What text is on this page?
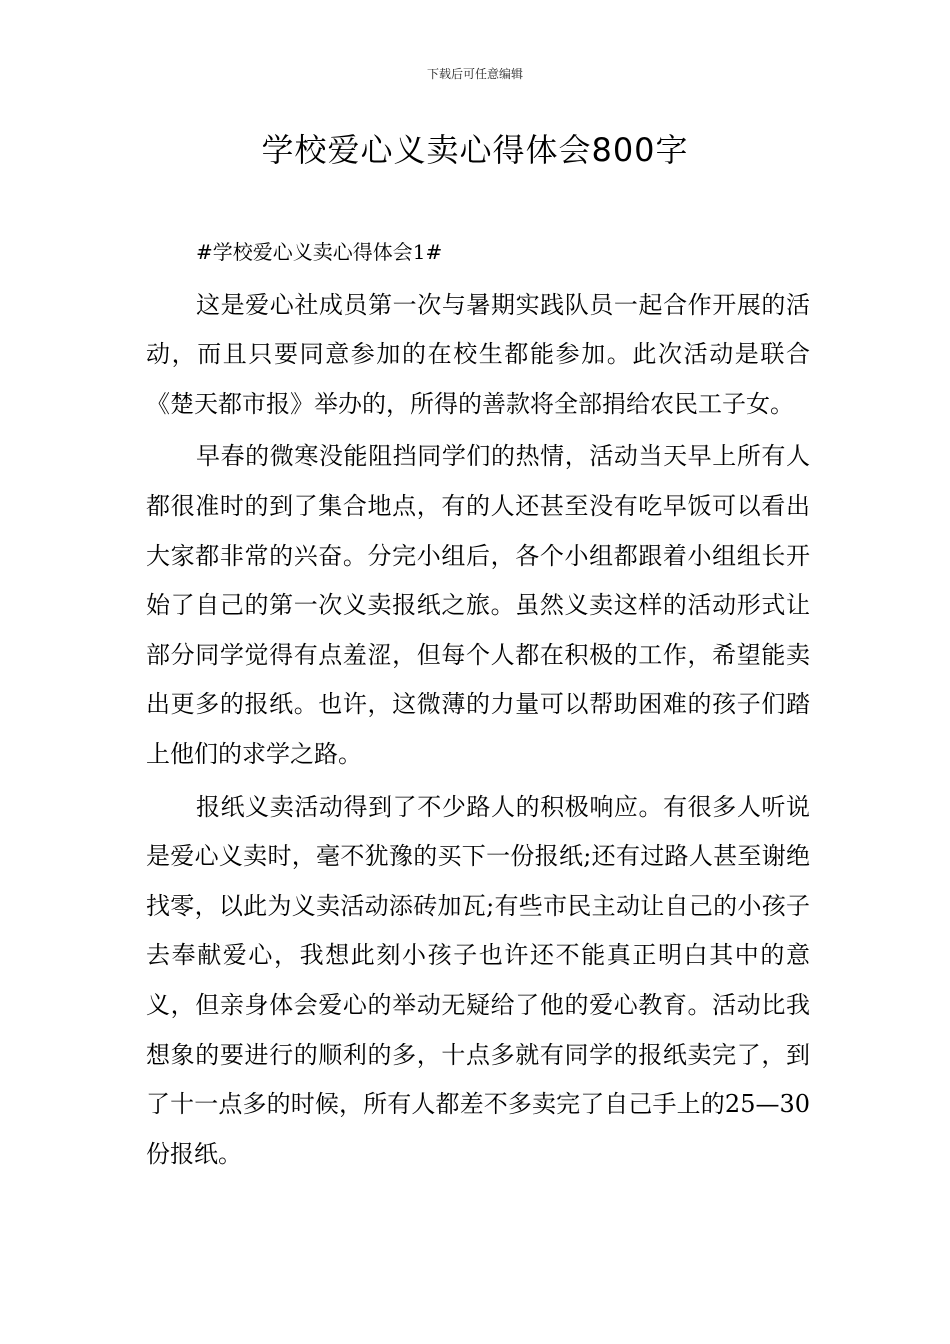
下载后可任意编辑
学校爱心义卖心得体会800字

#学校爱心义卖心得体会1#

这是爱心社成员第一次与暑期实践队员一起合作开展的活动，而且只要同意参加的在校生都能参加。此次活动是联合《楚天都市报》举办的，所得的善款将全部捐给农民工子女。

早春的微寒没能阻挡同学们的热情，活动当天早上所有人都很准时的到了集合地点，有的人还甚至没有吃早饭可以看出大家都非常的兴奋。分完小组后，各个小组都跟着小组组长开始了自己的第一次义卖报纸之旅。虽然义卖这样的活动形式让部分同学觉得有点羞涩，但每个人都在积极的工作，希望能卖出更多的报纸。也许，这微薄的力量可以帮助困难的孩子们踏上他们的求学之路。

报纸义卖活动得到了不少路人的积极响应。有很多人听说是爱心义卖时，毫不犹豫的买下一份报纸;还有过路人甚至谢绝找零，以此为义卖活动添砖加瓦;有些市民主动让自己的小孩子去奉献爱心，我想此刻小孩子也许还不能真正明白其中的意义，但亲身体会爱心的举动无疑给了他的爱心教育。活动比我想象的要进行的顺利的多，十点多就有同学的报纸卖完了，到了十一点多的时候，所有人都差不多卖完了自己手上的25—30份报纸。
